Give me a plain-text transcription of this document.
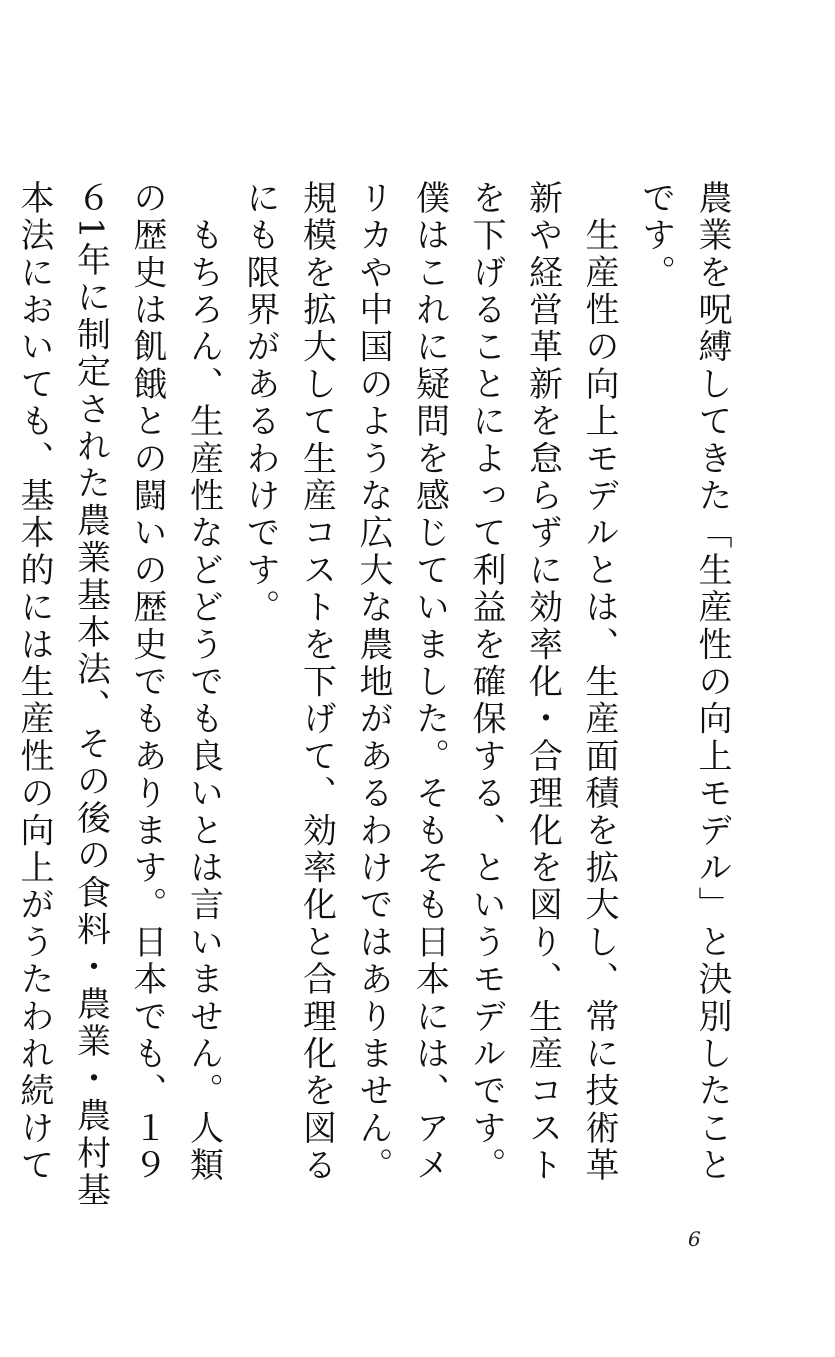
農業を呪縛してきた「生産性の向上モデル」と決別したことです。

　生産性の向上モデルとは、生産面積を拡大し、常に技術革新や経営革新を怠らずに効率化・合理化を図り、生産コストを下げることによって利益を確保する、というモデルです。僕はこれに疑問を感じていました。そもそも日本には、アメリカや中国のような広大な農地があるわけではありません。規模を拡大して生産コストを下げて、効率化と合理化を図るにも限界があるわけです。

　もちろん、生産性などどうでも良いとは言いません。人類の歴史は飢餓との闘いの歴史でもあります。日本でも、１９６1年に制定された農業基本法、その後の食料・農業・農村基本法においても、基本的には生産性の向上がうたわれ続けて

6
